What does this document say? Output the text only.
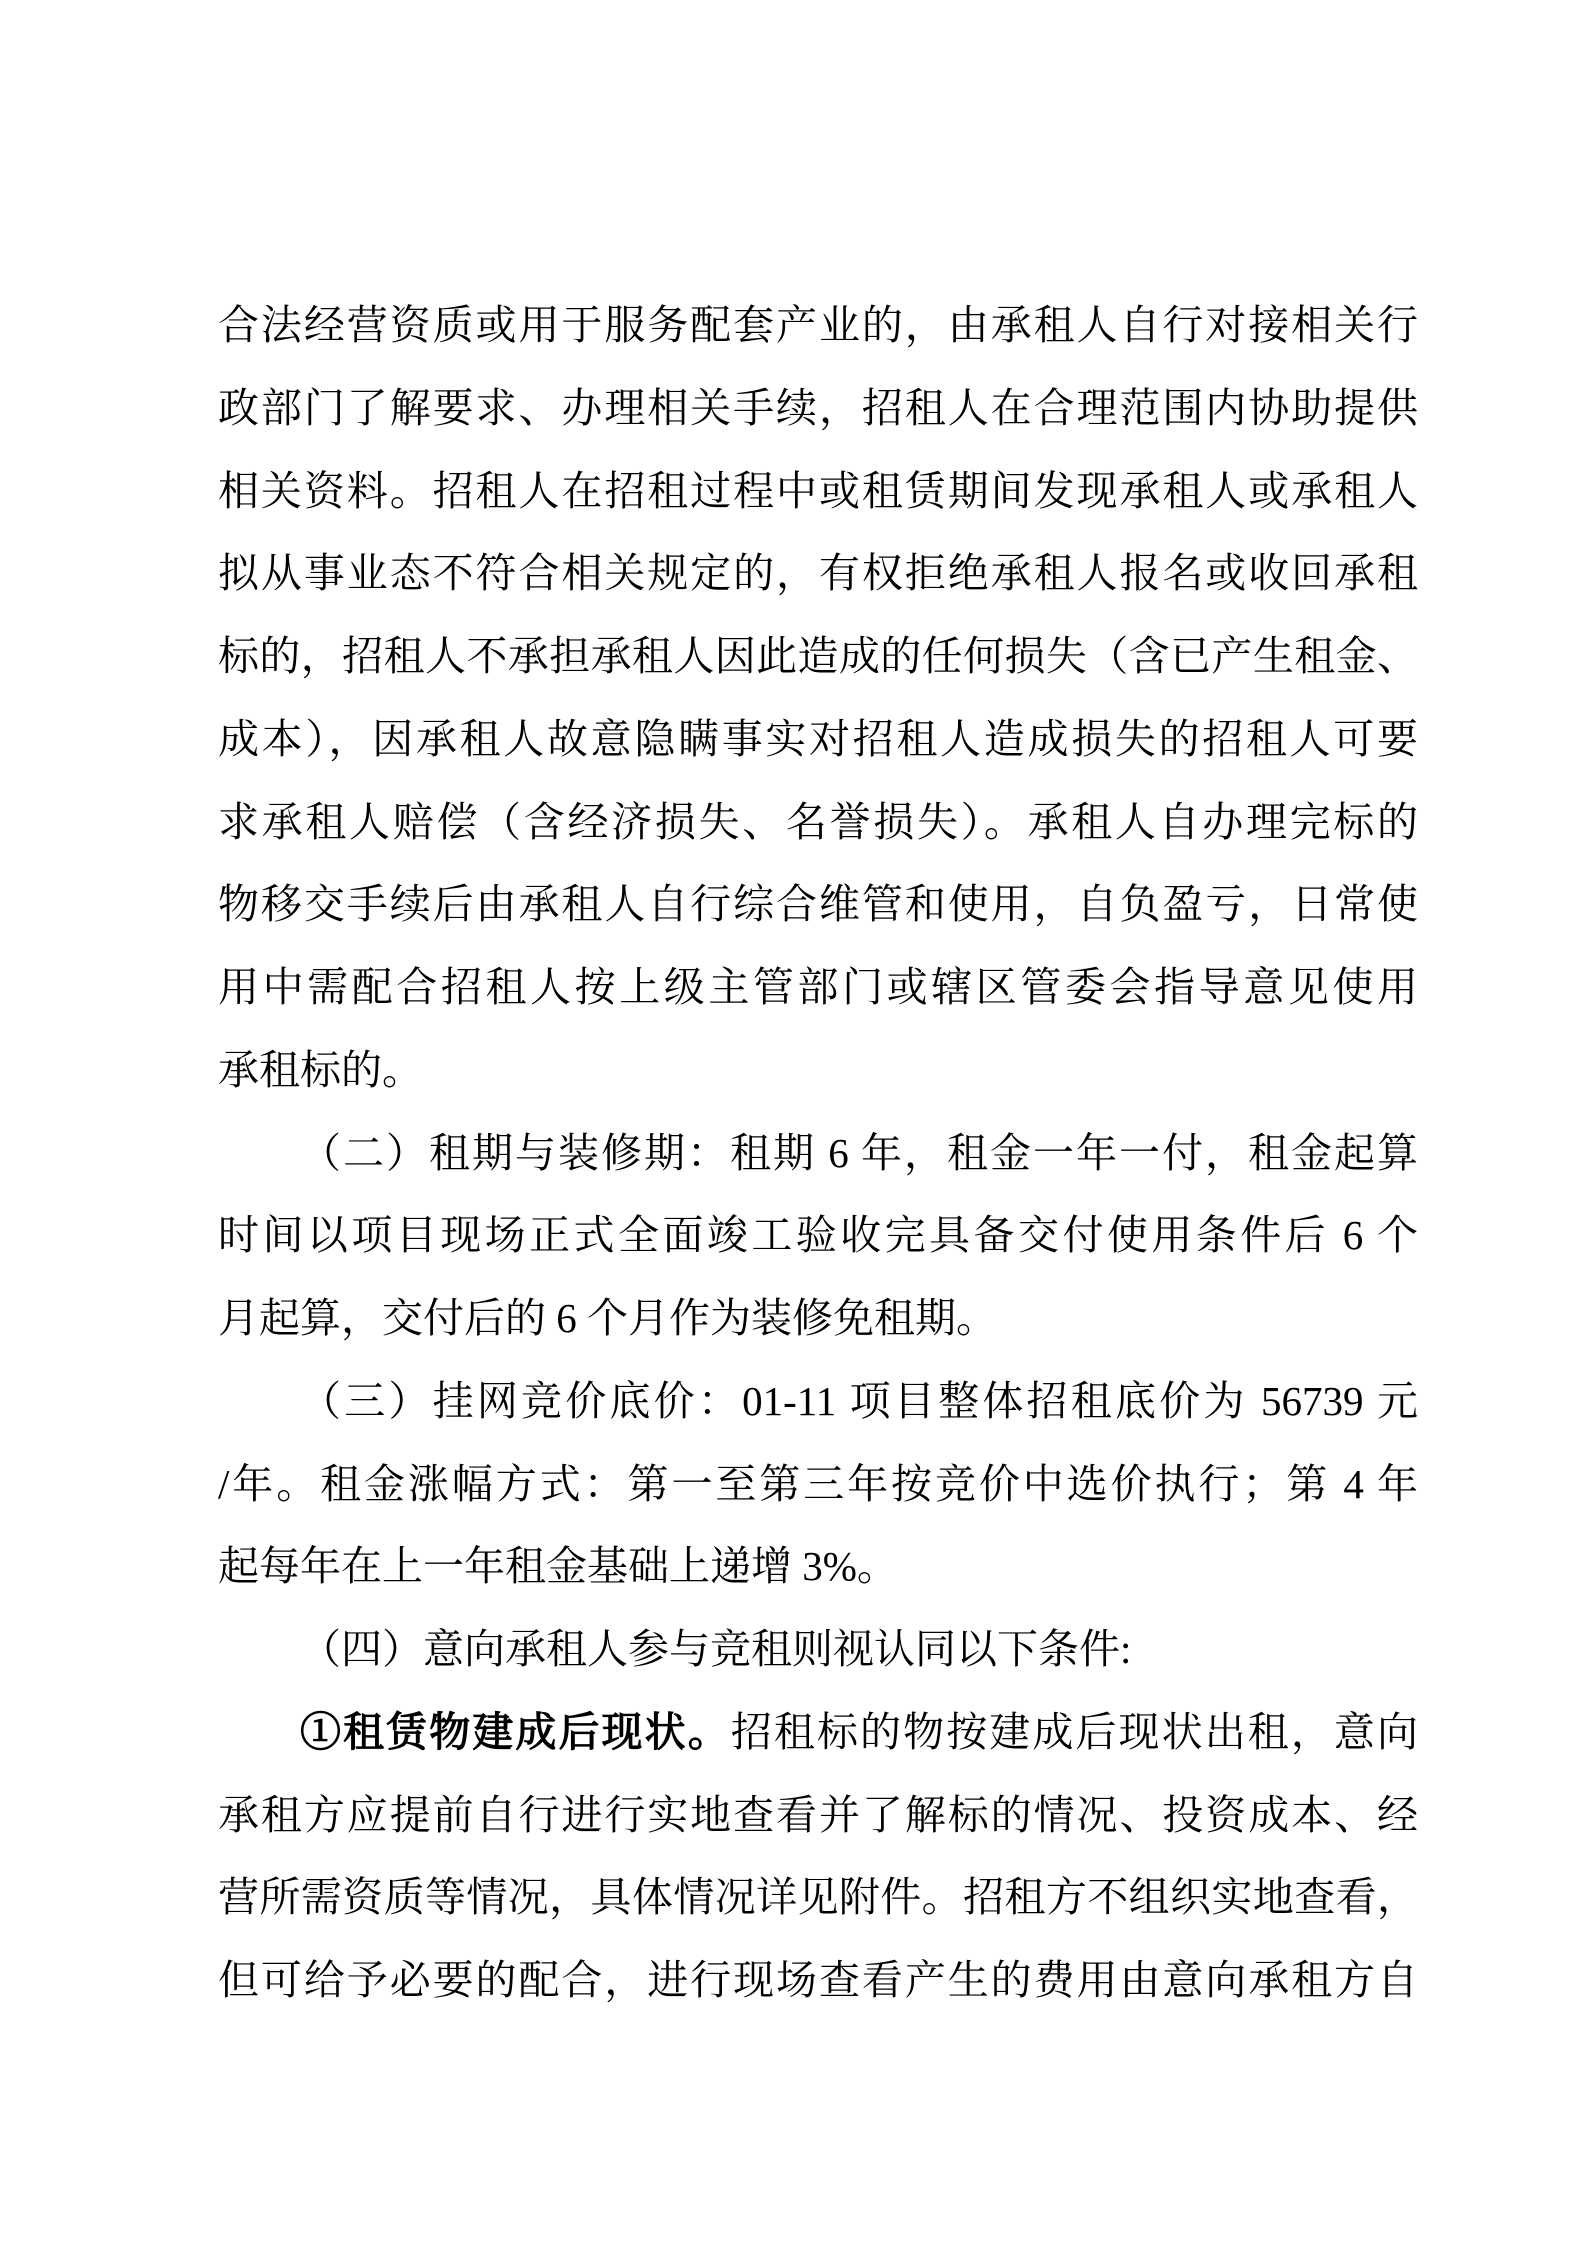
合法经营资质或用于服务配套产业的，由承租人自行对接相关行
政部门了解要求、办理相关手续，招租人在合理范围内协助提供
相关资料。招租人在招租过程中或租赁期间发现承租人或承租人
拟从事业态不符合相关规定的，有权拒绝承租人报名或收回承租
标的，招租人不承担承租人因此造成的任何损失（含已产生租金、
成本），因承租人故意隐瞒事实对招租人造成损失的招租人可要
求承租人赔偿（含经济损失、名誉损失）。承租人自办理完标的
物移交手续后由承租人自行综合维管和使用，自负盈亏，日常使
用中需配合招租人按上级主管部门或辖区管委会指导意见使用
承租标的。
（二）租期与装修期：租期 6 年，租金一年一付，租金起算
时间以项目现场正式全面竣工验收完具备交付使用条件后 6 个
月起算，交付后的 6 个月作为装修免租期。
（三）挂网竞价底价：01-11 项目整体招租底价为 56739 元
/年。租金涨幅方式：第一至第三年按竞价中选价执行；第 4 年
起每年在上一年租金基础上递增 3%。
（四）意向承租人参与竞租则视认同以下条件:
①租赁物建成后现状。招租标的物按建成后现状出租，意向
承租方应提前自行进行实地查看并了解标的情况、投资成本、经
营所需资质等情况，具体情况详见附件。招租方不组织实地查看，
但可给予必要的配合，进行现场查看产生的费用由意向承租方自
